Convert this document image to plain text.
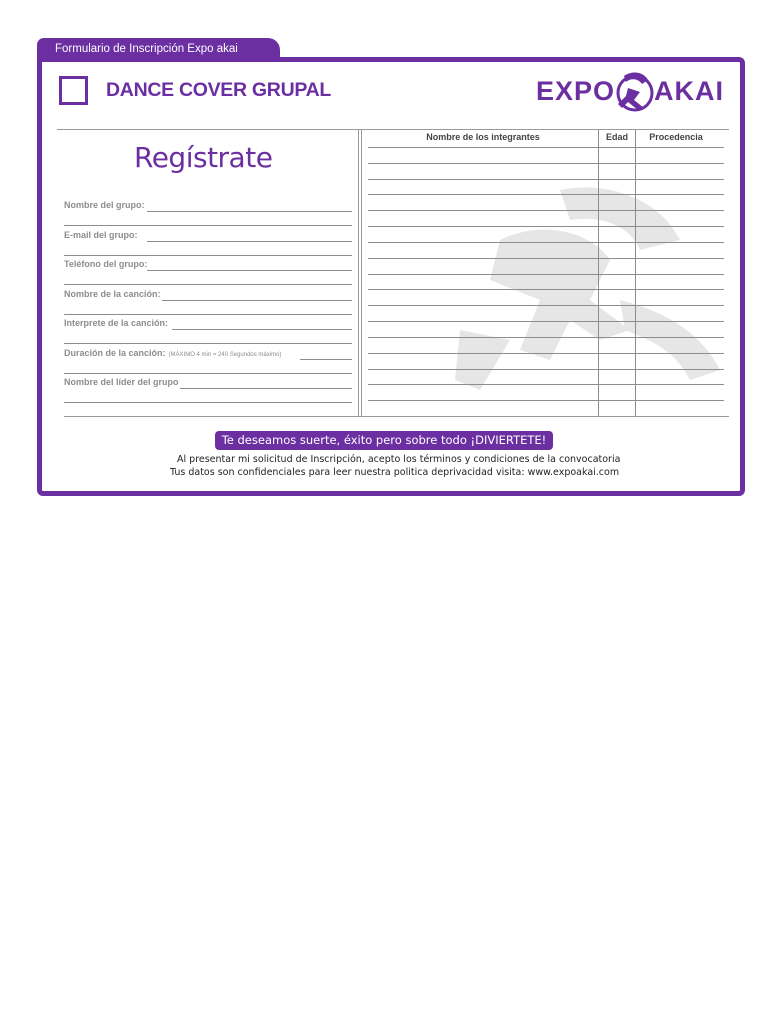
Formulario de Inscripción Expo akai
DANCE COVER GRUPAL	EXPO AKAI
Regístrate
Nombre del grupo:
E-mail del grupo:
Teléfono del grupo:
Nombre de la canción:
Interprete de la canción:
Duración de la canción: (MÁXIMO 4 min = 240 Segundos máximo)
Nombre del líder del grupo
Nombre de los integrantes	Edad	Procedencia
Te deseamos suerte, éxito pero sobre todo ¡DIVIERTETE!
Al presentar mi solicitud de Inscripción, acepto los términos y condiciones de la convocatoria
Tus datos son confidenciales para leer nuestra politica deprivacidad visita: www.expoakai.com
